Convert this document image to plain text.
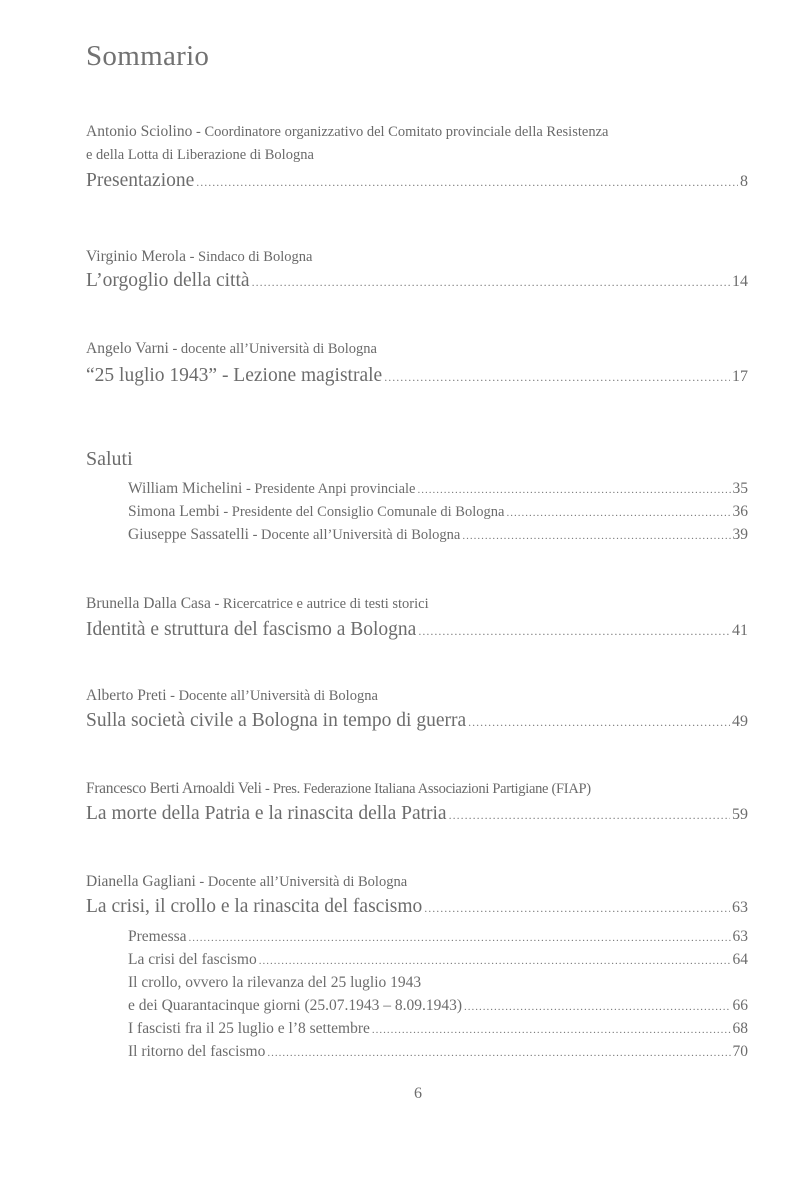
Sommario
Antonio Sciolino - Coordinatore organizzativo del Comitato provinciale della Resistenza
e della Lotta di Liberazione di Bologna
Presentazione .....	8
Virginio Merola - Sindaco di Bologna
L’orgoglio della città .....	14
Angelo Varni - docente all’Università di Bologna
“25 luglio 1943” - Lezione magistrale .....	17
Saluti
William Michelini - Presidente Anpi provinciale .....	35
Simona Lembi - Presidente del Consiglio Comunale di Bologna .....	36
Giuseppe Sassatelli - Docente all’Università di Bologna .....	39
Brunella Dalla Casa - Ricercatrice e autrice di testi storici
Identità e struttura del fascismo a Bologna .....	41
Alberto Preti - Docente all’Università di Bologna
Sulla società civile a Bologna in tempo di guerra .....	49
Francesco Berti Arnoaldi Veli - Pres. Federazione Italiana Associazioni Partigiane (FIAP)
La morte della Patria e la rinascita della Patria .....	59
Dianella Gagliani - Docente all’Università di Bologna
La crisi, il crollo e la rinascita del fascismo .....	63
Premessa .....	63
La crisi del fascismo .....	64
Il crollo, ovvero la rilevanza del 25 luglio 1943
e dei Quarantacinque giorni (25.07.1943 – 8.09.1943) .....	66
I fascisti fra il 25 luglio e l’8 settembre .....	68
Il ritorno del fascismo .....	70
6
